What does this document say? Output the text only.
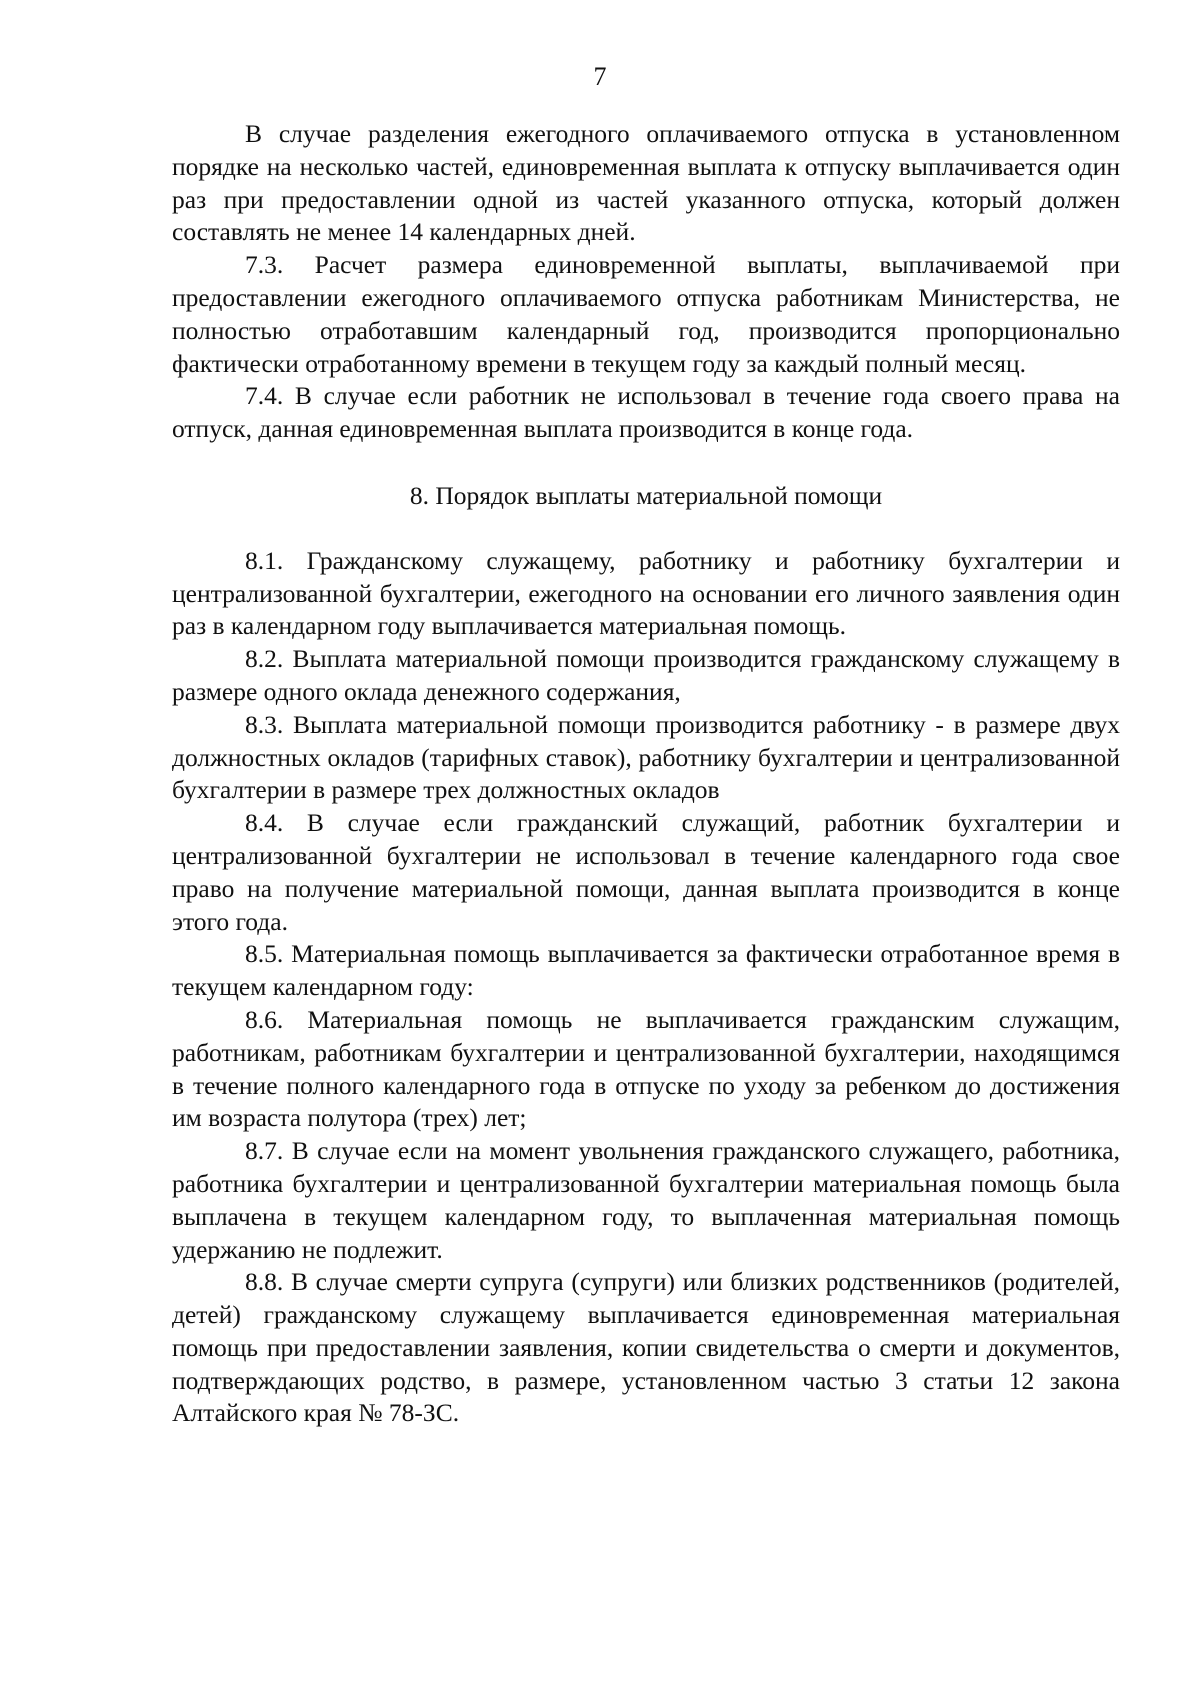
7

В случае разделения ежегодного оплачиваемого отпуска в установленном порядке на несколько частей, единовременная выплата к отпуску выплачивается один раз при предоставлении одной из частей указанного отпуска, который должен составлять не менее 14 календарных дней.

7.3. Расчет размера единовременной выплаты, выплачиваемой при предоставлении ежегодного оплачиваемого отпуска работникам Министерства, не полностью отработавшим календарный год, производится пропорционально фактически отработанному времени в текущем году за каждый полный месяц.

7.4. В случае если работник не использовал в течение года своего права на отпуск, данная единовременная выплата производится в конце года.

8. Порядок выплаты материальной помощи

8.1. Гражданскому служащему, работнику и работнику бухгалтерии и централизованной бухгалтерии, ежегодного на основании его личного заявления один раз в календарном году выплачивается материальная помощь.

8.2. Выплата материальной помощи производится гражданскому служащему в размере одного оклада денежного содержания,

8.3. Выплата материальной помощи производится работнику - в размере двух должностных окладов (тарифных ставок), работнику бухгалтерии и централизованной бухгалтерии в размере трех должностных окладов

8.4. В случае если гражданский служащий, работник бухгалтерии и централизованной бухгалтерии не использовал в течение календарного года свое право на получение материальной помощи, данная выплата производится в конце этого года.

8.5. Материальная помощь выплачивается за фактически отработанное время в текущем календарном году:

8.6. Материальная помощь не выплачивается гражданским служащим, работникам, работникам бухгалтерии и централизованной бухгалтерии, находящимся в течение полного календарного года в отпуске по уходу за ребенком до достижения им возраста полутора (трех) лет;

8.7. В случае если на момент увольнения гражданского служащего, работника, работника бухгалтерии и централизованной бухгалтерии материальная помощь была выплачена в текущем календарном году, то выплаченная материальная помощь удержанию не подлежит.

8.8. В случае смерти супруга (супруги) или близких родственников (родителей, детей) гражданскому служащему выплачивается единовременная материальная помощь при предоставлении заявления, копии свидетельства о смерти и документов, подтверждающих родство, в размере, установленном частью 3 статьи 12 закона Алтайского края № 78-ЗС.
